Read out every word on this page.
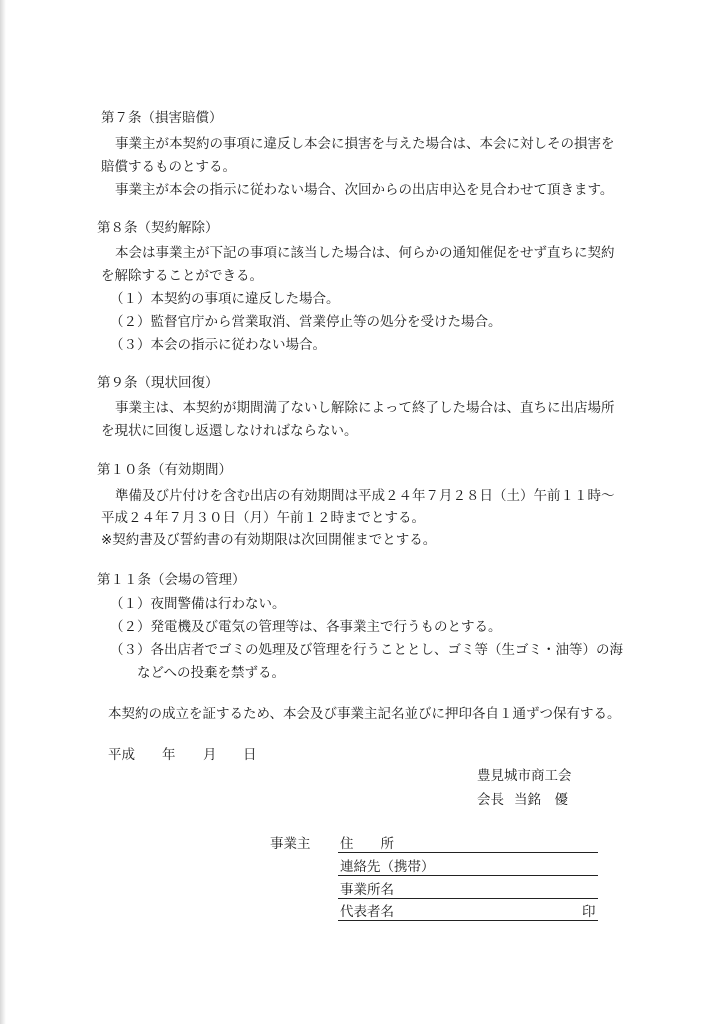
第７条（損害賠償）
事業主が本契約の事項に違反し本会に損害を与えた場合は、本会に対しその損害を
賠償するものとする。
事業主が本会の指示に従わない場合、次回からの出店申込を見合わせて頂きます。
第８条（契約解除）
本会は事業主が下記の事項に該当した場合は、何らかの通知催促をせず直ちに契約
を解除することができる。
（１）本契約の事項に違反した場合。
（２）監督官庁から営業取消、営業停止等の処分を受けた場合。
（３）本会の指示に従わない場合。
第９条（現状回復）
事業主は、本契約が期間満了ないし解除によって終了した場合は、直ちに出店場所
を現状に回復し返還しなければならない。
第１０条（有効期間）
準備及び片付けを含む出店の有効期間は平成２４年７月２８日（土）午前１１時～
平成２４年７月３０日（月）午前１２時までとする。
※契約書及び誓約書の有効期限は次回開催までとする。
第１１条（会場の管理）
（１）夜間警備は行わない。
（２）発電機及び電気の管理等は、各事業主で行うものとする。
（３）各出店者でゴミの処理及び管理を行うこととし、ゴミ等（生ゴミ・油等）の海
などへの投棄を禁ずる。
本契約の成立を証するため、本会及び事業主記名並びに押印各自１通ずつ保有する。
平成 年 月 日
豊見城市商工会
会長 当銘　優
事業主 住　　所
連絡先（携帯）
事業所名
代表者名	印
